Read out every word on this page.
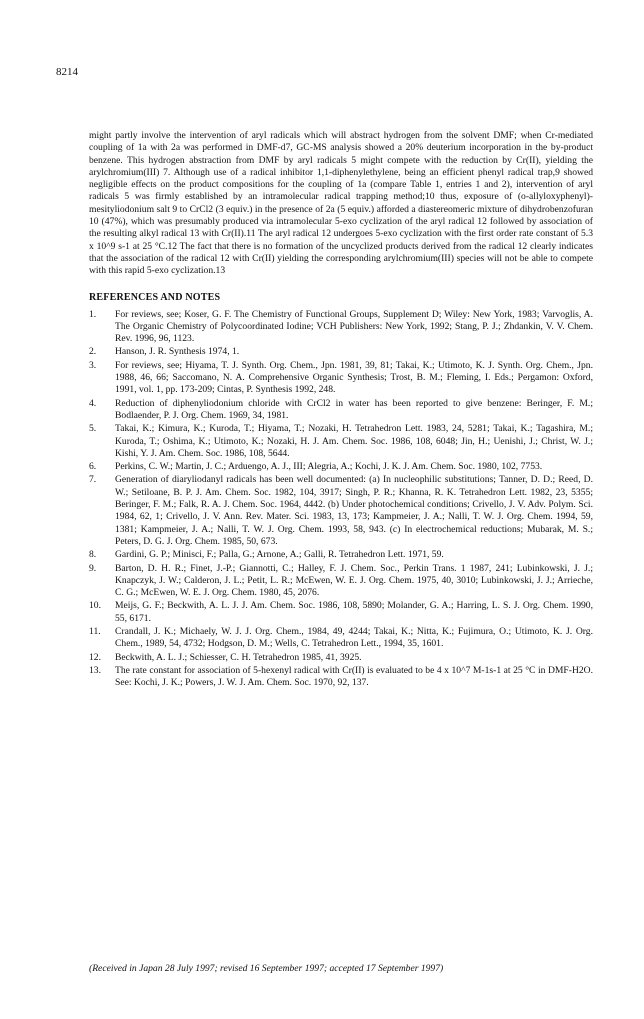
8214

might partly involve the intervention of aryl radicals which will abstract hydrogen from the solvent DMF; when Cr-mediated coupling of 1a with 2a was performed in DMF-d7, GC-MS analysis showed a 20% deuterium incorporation in the by-product benzene. This hydrogen abstraction from DMF by aryl radicals 5 might compete with the reduction by Cr(II), yielding the arylchromium(III) 7. Although use of a radical inhibitor 1,1-diphenylethylene, being an efficient phenyl radical trap,9 showed negligible effects on the product compositions for the coupling of 1a (compare Table 1, entries 1 and 2), intervention of aryl radicals 5 was firmly established by an intramolecular radical trapping method;10 thus, exposure of (o-allyloxyphenyl)-mesityliodonium salt 9 to CrCl2 (3 equiv.) in the presence of 2a (5 equiv.) afforded a diastereomeric mixture of dihydrobenzofuran 10 (47%), which was presumably produced via intramolecular 5-exo cyclization of the aryl radical 12 followed by association of the resulting alkyl radical 13 with Cr(II).11 The aryl radical 12 undergoes 5-exo cyclization with the first order rate constant of 5.3 x 10^9 s-1 at 25 °C.12 The fact that there is no formation of the uncyclized products derived from the radical 12 clearly indicates that the association of the radical 12 with Cr(II) yielding the corresponding arylchromium(III) species will not be able to compete with this rapid 5-exo cyclization.13

REFERENCES AND NOTES
1.	For reviews, see; Koser, G. F. The Chemistry of Functional Groups, Supplement D; Wiley: New York, 1983; Varvoglis, A. The Organic Chemistry of Polycoordinated Iodine; VCH Publishers: New York, 1992; Stang, P. J.; Zhdankin, V. V. Chem. Rev. 1996, 96, 1123.
2.	Hanson, J. R. Synthesis 1974, 1.
3.	For reviews, see; Hiyama, T. J. Synth. Org. Chem., Jpn. 1981, 39, 81; Takai, K.; Utimoto, K. J. Synth. Org. Chem., Jpn. 1988, 46, 66; Saccomano, N. A. Comprehensive Organic Synthesis; Trost, B. M.; Fleming, I. Eds.; Pergamon: Oxford, 1991, vol. 1, pp. 173-209; Cintas, P. Synthesis 1992, 248.
4.	Reduction of diphenyliodonium chloride with CrCl2 in water has been reported to give benzene: Beringer, F. M.; Bodlaender, P. J. Org. Chem. 1969, 34, 1981.
5.	Takai, K.; Kimura, K.; Kuroda, T.; Hiyama, T.; Nozaki, H. Tetrahedron Lett. 1983, 24, 5281; Takai, K.; Tagashira, M.; Kuroda, T.; Oshima, K.; Utimoto, K.; Nozaki, H. J. Am. Chem. Soc. 1986, 108, 6048; Jin, H.; Uenishi, J.; Christ, W. J.; Kishi, Y. J. Am. Chem. Soc. 1986, 108, 5644.
6.	Perkins, C. W.; Martin, J. C.; Arduengo, A. J., III; Alegria, A.; Kochi, J. K. J. Am. Chem. Soc. 1980, 102, 7753.
7.	Generation of diaryliodanyl radicals has been well documented: (a) In nucleophilic substitutions; Tanner, D. D.; Reed, D. W.; Setiloane, B. P. J. Am. Chem. Soc. 1982, 104, 3917; Singh, P. R.; Khanna, R. K. Tetrahedron Lett. 1982, 23, 5355; Beringer, F. M.; Falk, R. A. J. Chem. Soc. 1964, 4442. (b) Under photochemical conditions; Crivello, J. V. Adv. Polym. Sci. 1984, 62, 1; Crivello, J. V. Ann. Rev. Mater. Sci. 1983, 13, 173; Kampmeier, J. A.; Nalli, T. W. J. Org. Chem. 1994, 59, 1381; Kampmeier, J. A.; Nalli, T. W. J. Org. Chem. 1993, 58, 943. (c) In electrochemical reductions; Mubarak, M. S.; Peters, D. G. J. Org. Chem. 1985, 50, 673.
8.	Gardini, G. P.; Minisci, F.; Palla, G.; Arnone, A.; Galli, R. Tetrahedron Lett. 1971, 59.
9.	Barton, D. H. R.; Finet, J.-P.; Giannotti, C.; Halley, F. J. Chem. Soc., Perkin Trans. 1 1987, 241; Lubinkowski, J. J.; Knapczyk, J. W.; Calderon, J. L.; Petit, L. R.; McEwen, W. E. J. Org. Chem. 1975, 40, 3010; Lubinkowski, J. J.; Arrieche, C. G.; McEwen, W. E. J. Org. Chem. 1980, 45, 2076.
10.	Meijs, G. F.; Beckwith, A. L. J. J. Am. Chem. Soc. 1986, 108, 5890; Molander, G. A.; Harring, L. S. J. Org. Chem. 1990, 55, 6171.
11.	Crandall, J. K.; Michaely, W. J. J. Org. Chem., 1984, 49, 4244; Takai, K.; Nitta, K.; Fujimura, O.; Utimoto, K. J. Org. Chem., 1989, 54, 4732; Hodgson, D. M.; Wells, C. Tetrahedron Lett., 1994, 35, 1601.
12.	Beckwith, A. L. J.; Schiesser, C. H. Tetrahedron 1985, 41, 3925.
13.	The rate constant for association of 5-hexenyl radical with Cr(II) is evaluated to be 4 x 10^7 M-1s-1 at 25 °C in DMF-H2O. See: Kochi, J. K.; Powers, J. W. J. Am. Chem. Soc. 1970, 92, 137.
(Received in Japan 28 July 1997; revised 16 September 1997; accepted 17 September 1997)
